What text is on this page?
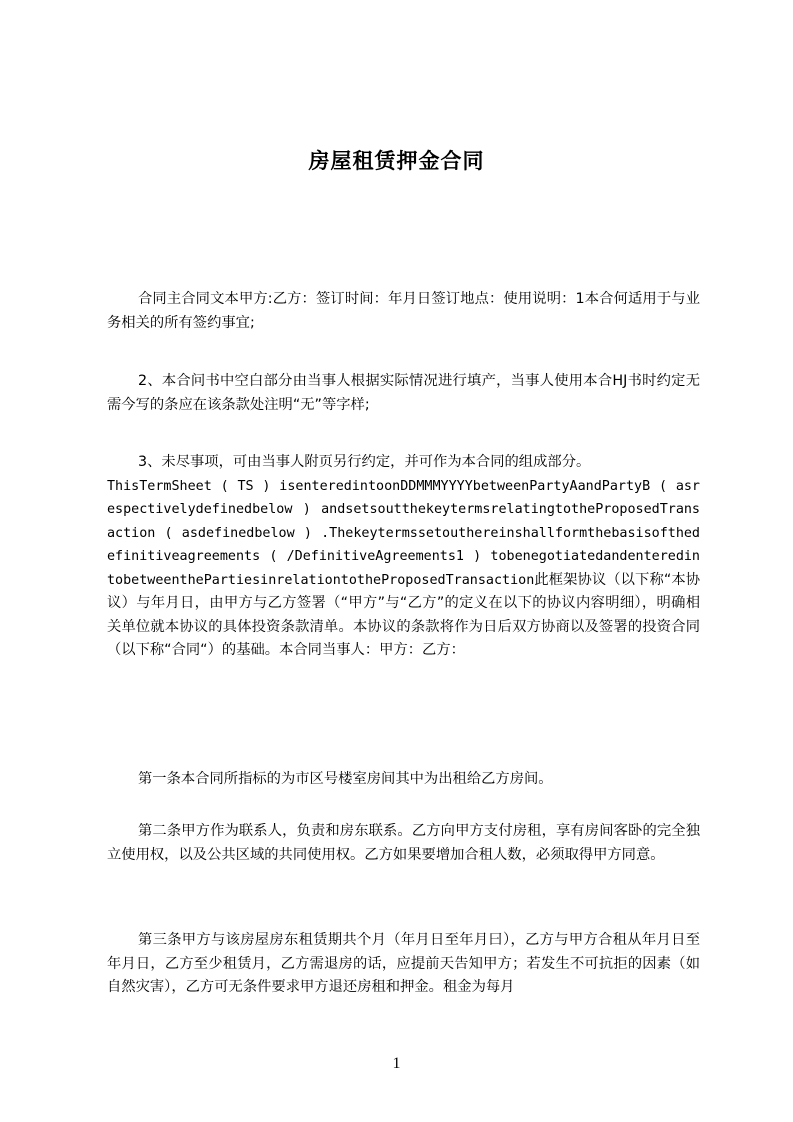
房屋租赁押金合同

合同主合同文本甲方:乙方：签订时间：年月日签订地点：使用说明：1本合何适用于与业务相关的所有签约事宜;

2、本合问书中空白部分由当事人根据实际情况进行填产，当事人使用本合HJ书时约定无需今写的条应在该条款处注明“无”等字样;

3、未尽事项，可由当事人附页另行约定，并可作为本合同的组成部分。
ThisTermSheet ( TS ) isenteredintoonDDMMMYYYYbetweenPartyAandPartyB ( asrespectivelydefinedbelow ) andsetsoutthekeytermsrelatingtotheProposedTransaction ( asdefinedbelow ) .Thekeytermssetouthereinshallformthebasisofthedefinitiveagreements ( /DefinitiveAgreements1 ) tobenegotiatedandenteredintobetweenthePartiesinrelationtotheProposedTransaction此框架协议（以下称“本协议）与年月日，由甲方与乙方签署（“甲方”与“乙方”的定义在以下的协议内容明细），明确相关单位就本协议的具体投资条款清单。本协议的条款将作为日后双方协商以及签署的投资合同（以下称“合同“）的基础。本合同当事人：甲方：乙方：

第一条本合同所指标的为市区号楼室房间其中为出租给乙方房间。

第二条甲方作为联系人，负责和房东联系。乙方向甲方支付房租，享有房间客卧的完全独立使用权，以及公共区域的共同使用权。乙方如果要增加合租人数，必须取得甲方同意。

第三条甲方与该房屋房东租赁期共个月（年月日至年月曰），乙方与甲方合租从年月日至年月日，乙方至少租赁月，乙方需退房的话，应提前天告知甲方；若发生不可抗拒的因素（如自然灾害），乙方可无条件要求甲方退还房租和押金。租金为每月

1
